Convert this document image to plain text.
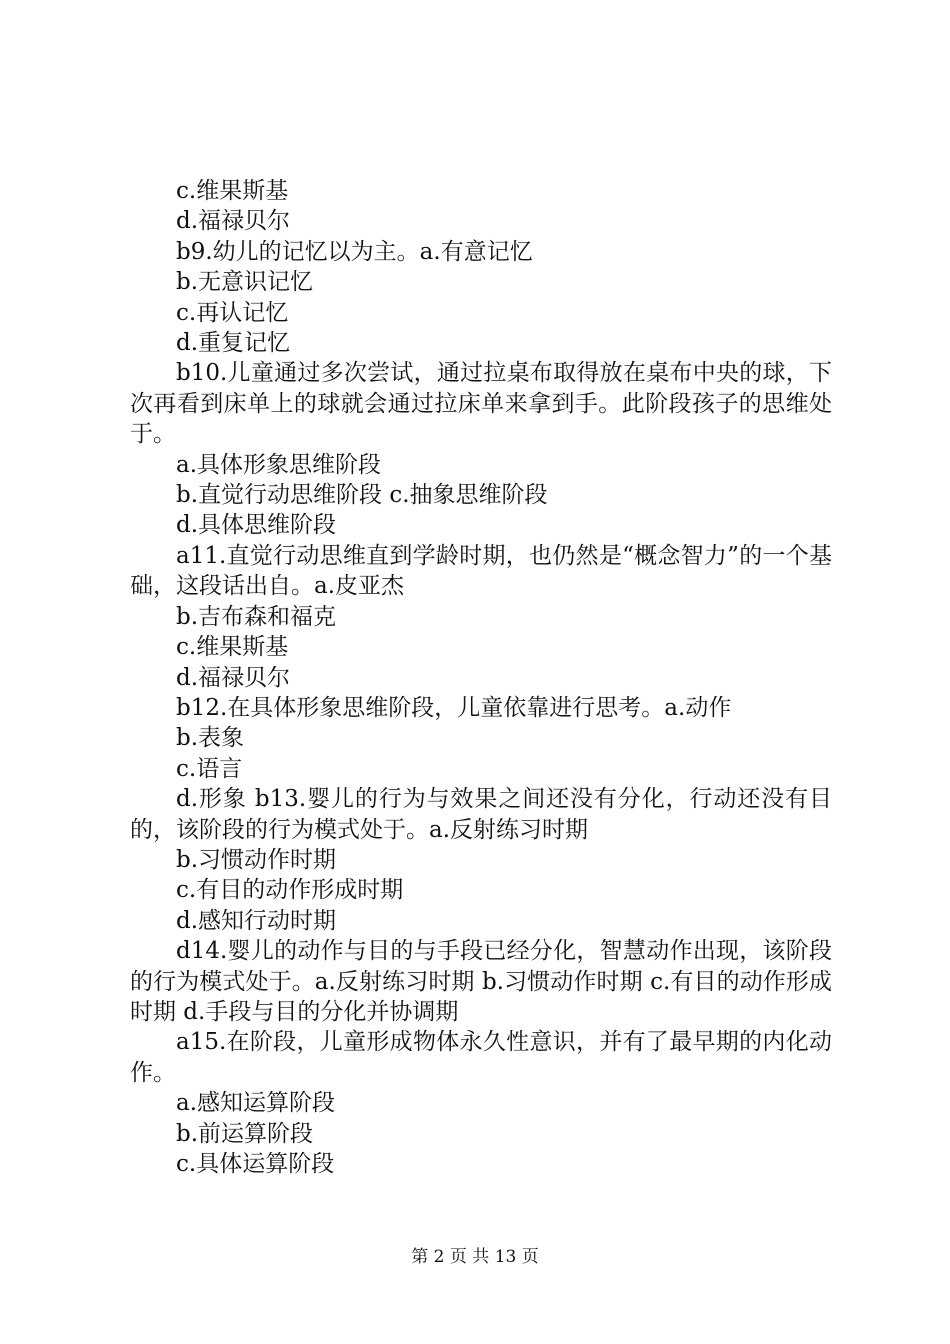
c.维果斯基

d.福禄贝尔

b9.幼儿的记忆以为主。a.有意记忆

b.无意识记忆

c.再认记忆

d.重复记忆

b10.儿童通过多次尝试，通过拉桌布取得放在桌布中央的球，下次再看到床单上的球就会通过拉床单来拿到手。此阶段孩子的思维处于。

a.具体形象思维阶段

b.直觉行动思维阶段 c.抽象思维阶段

d.具体思维阶段

a11.直觉行动思维直到学龄时期，也仍然是“概念智力”的一个基础，这段话出自。a.皮亚杰

b.吉布森和福克

c.维果斯基

d.福禄贝尔

b12.在具体形象思维阶段，儿童依靠进行思考。a.动作

b.表象

c.语言

d.形象 b13.婴儿的行为与效果之间还没有分化，行动还没有目的，该阶段的行为模式处于。a.反射练习时期

b.习惯动作时期

c.有目的动作形成时期

d.感知行动时期

d14.婴儿的动作与目的与手段已经分化，智慧动作出现，该阶段的行为模式处于。a.反射练习时期 b.习惯动作时期 c.有目的动作形成时期 d.手段与目的分化并协调期

a15.在阶段，儿童形成物体永久性意识，并有了最早期的内化动作。

a.感知运算阶段

b.前运算阶段

c.具体运算阶段

第 2 页 共 13 页
